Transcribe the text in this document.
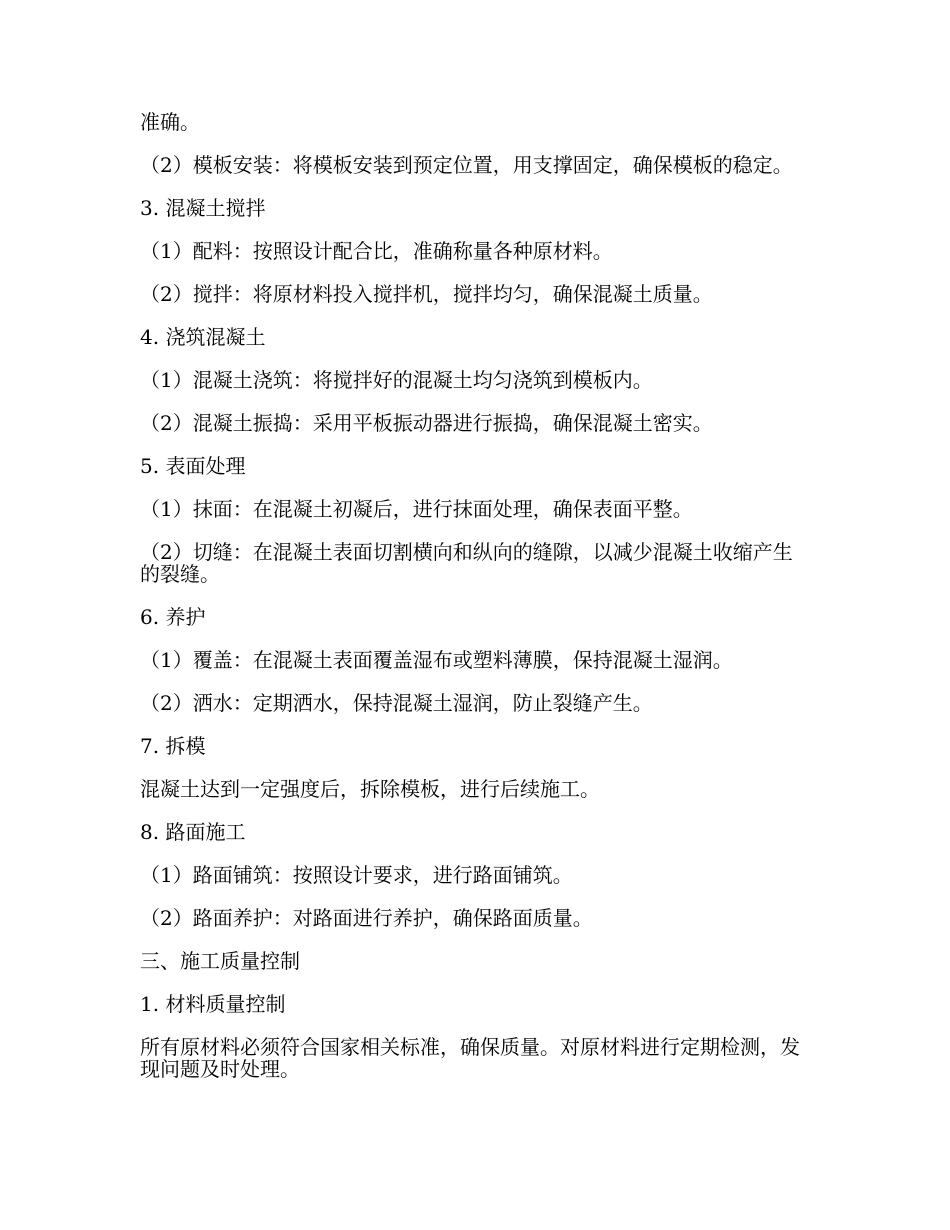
准确。

（2）模板安装：将模板安装到预定位置，用支撑固定，确保模板的稳定。

3. 混凝土搅拌

（1）配料：按照设计配合比，准确称量各种原材料。

（2）搅拌：将原材料投入搅拌机，搅拌均匀，确保混凝土质量。

4. 浇筑混凝土

（1）混凝土浇筑：将搅拌好的混凝土均匀浇筑到模板内。

（2）混凝土振捣：采用平板振动器进行振捣，确保混凝土密实。

5. 表面处理

（1）抹面：在混凝土初凝后，进行抹面处理，确保表面平整。

（2）切缝：在混凝土表面切割横向和纵向的缝隙，以减少混凝土收缩产生的裂缝。

6. 养护

（1）覆盖：在混凝土表面覆盖湿布或塑料薄膜，保持混凝土湿润。

（2）洒水：定期洒水，保持混凝土湿润，防止裂缝产生。

7. 拆模

混凝土达到一定强度后，拆除模板，进行后续施工。

8. 路面施工

（1）路面铺筑：按照设计要求，进行路面铺筑。

（2）路面养护：对路面进行养护，确保路面质量。

三、施工质量控制

1. 材料质量控制

所有原材料必须符合国家相关标准，确保质量。对原材料进行定期检测，发现问题及时处理。
